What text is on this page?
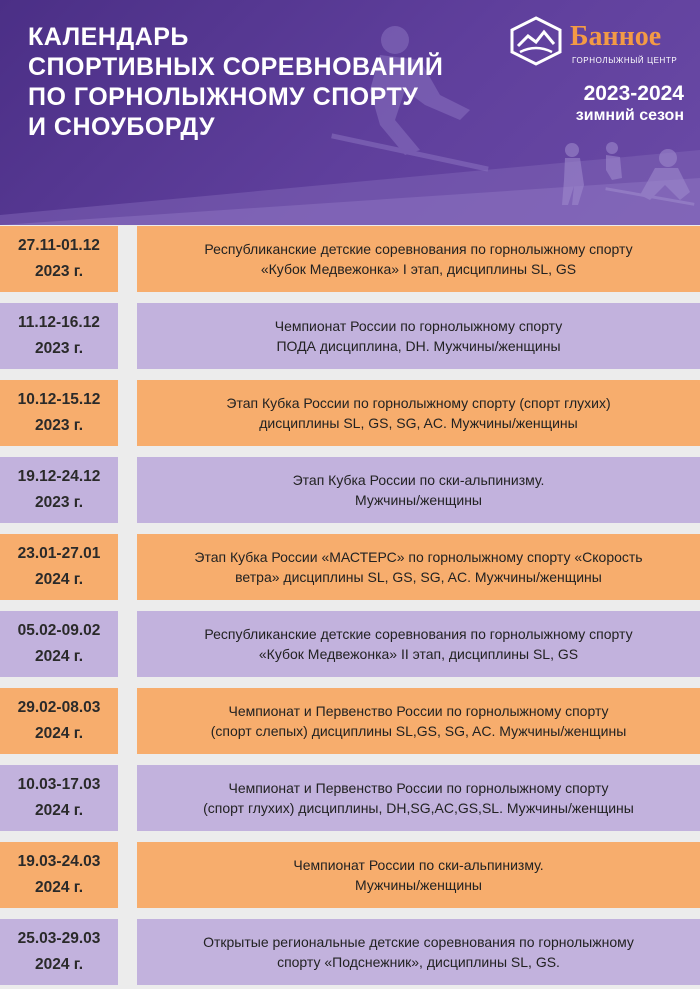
КАЛЕНДАРЬ
СПОРТИВНЫХ СОРЕВНОВАНИЙ
ПО ГОРНОЛЫЖНОМУ СПОРТУ
И СНОУБОРДУ
Банное
ГОРНОЛЫЖНЫЙ ЦЕНТР
2023-2024
зимний сезон
27.11-01.12
2023 г.
Республиканские детские соревнования по горнолыжному спорту
«Кубок Медвежонка» I этап, дисциплины SL, GS
11.12-16.12
2023 г.
Чемпионат России по горнолыжному спорту
ПОДА дисциплина, DH. Мужчины/женщины
10.12-15.12
2023 г.
Этап Кубка России по горнолыжному спорту (спорт глухих)
дисциплины SL, GS, SG, AC. Мужчины/женщины
19.12-24.12
2023 г.
Этап Кубка России по ски-альпинизму.
Мужчины/женщины
23.01-27.01
2024 г.
Этап Кубка России «МАСТЕРС» по горнолыжному спорту «Скорость
ветра» дисциплины SL, GS, SG, AC. Мужчины/женщины
05.02-09.02
2024 г.
Республиканские детские соревнования по горнолыжному спорту
«Кубок Медвежонка» II этап, дисциплины SL, GS
29.02-08.03
2024 г.
Чемпионат и Первенство России по горнолыжному спорту
(спорт слепых) дисциплины SL,GS, SG, AC. Мужчины/женщины
10.03-17.03
2024 г.
Чемпионат и Первенство России по горнолыжному спорту
(спорт глухих) дисциплины, DH,SG,AC,GS,SL. Мужчины/женщины
19.03-24.03
2024 г.
Чемпионат России по ски-альпинизму.
Мужчины/женщины
25.03-29.03
2024 г.
Открытые региональные детские соревнования по горнолыжному
спорту «Подснежник», дисциплины SL, GS.
